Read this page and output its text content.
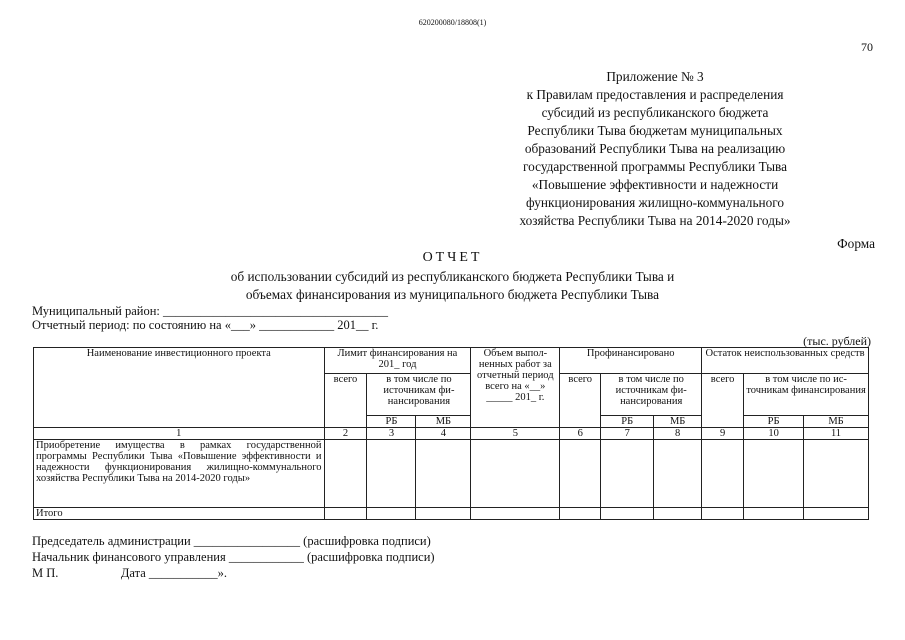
620200080/18808(1)
70
Приложение № 3
к Правилам предоставления и распределения
субсидий из республиканского бюджета
Республики Тыва бюджетам муниципальных
образований Республики Тыва на реализацию
государственной программы Республики Тыва
«Повышение эффективности и надежности
функционирования жилищно-коммунального
хозяйства Республики Тыва на 2014-2020 годы»
Форма
ОТЧЕТ
об использовании субсидий из республиканского бюджета Республики Тыва и
объемах финансирования из муниципального бюджета Республики Тыва
Муниципальный район: ____________________________________
Отчетный период: по состоянию на «___» ____________ 201__ г.
(тыс. рублей)
Наименование инвестиционного проекта	Лимит финансирования на 201_ год			Объем выполненных работ за отчетный период всего на «__» _____ 201_ г.	Профинансировано			Остаток неиспользованных средств		
	всего	в том числе по источникам финансирования			всего	в том числе по источникам финансирования		всего	в том числе по источникам финансирования	
		РБ	МБ			РБ	МБ		РБ	МБ
1	2	3	4	5	6	7	8	9	10	11
Приобретение имущества в рамках государственной программы Республики Тыва «Повышение эффективности и надежности функционирования жилищно-коммунального хозяйства Республики Тыва на 2014-2020 годы»										
Итого										
Председатель администрации _________________ (расшифровка подписи)
Начальник финансового управления ____________ (расшифровка подписи)
М П.                    Дата ___________».
